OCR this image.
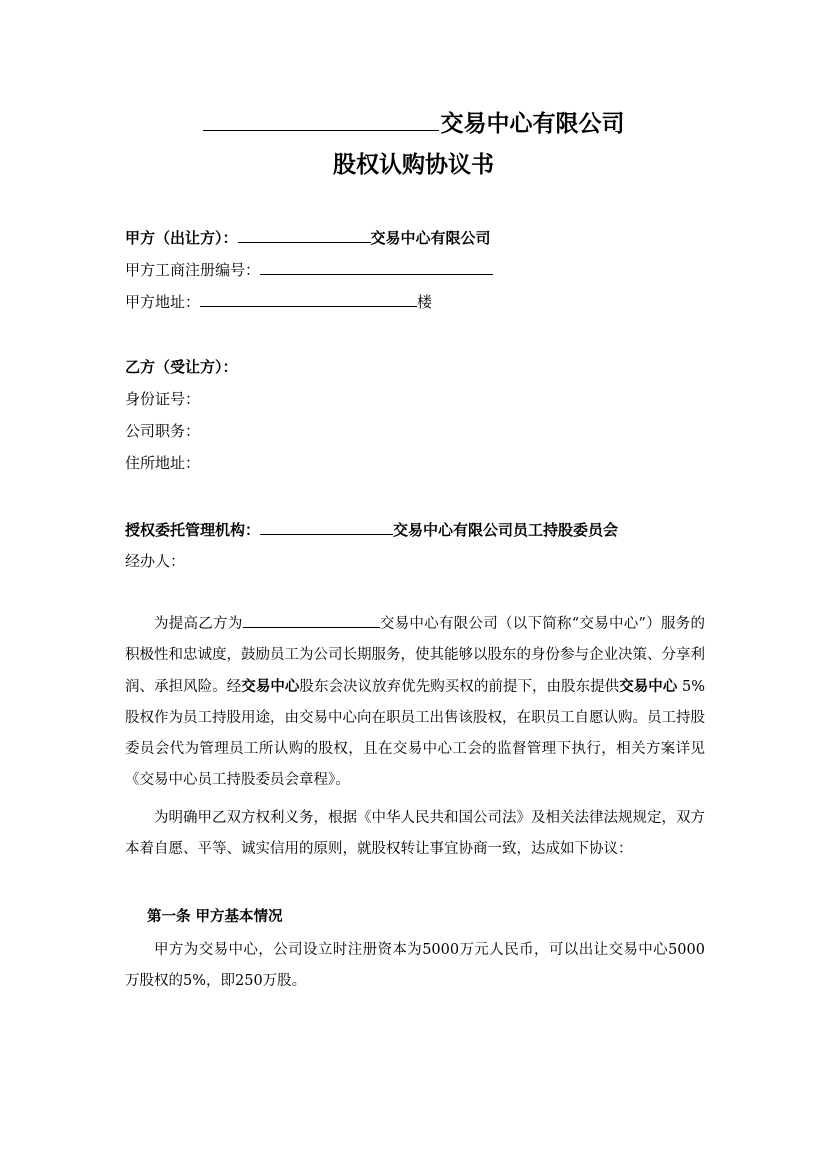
交易中心有限公司
股权认购协议书
甲方（出让方）：	交易中心有限公司
甲方工商注册编号：
甲方地址：	楼
乙方（受让方）：
身份证号：
公司职务：
住所地址：
授权委托管理机构：	交易中心有限公司员工持股委员会
经办人：
为提高乙方为	交易中心有限公司（以下简称“交易中心”）服务的积极性和忠诚度，鼓励员工为公司长期服务，使其能够以股东的身份参与企业决策、分享利润、承担风险。经交易中心股东会决议放弃优先购买权的前提下，由股东提供交易中心 5%股权作为员工持股用途，由交易中心向在职员工出售该股权，在职员工自愿认购。员工持股委员会代为管理员工所认购的股权，且在交易中心工会的监督管理下执行，相关方案详见《交易中心员工持股委员会章程》。
为明确甲乙双方权利义务，根据《中华人民共和国公司法》及相关法律法规规定，双方本着自愿、平等、诚实信用的原则，就股权转让事宜协商一致，达成如下协议：
第一条 甲方基本情况
甲方为交易中心，公司设立时注册资本为5000万元人民币，可以出让交易中心5000万股权的5%，即250万股。
